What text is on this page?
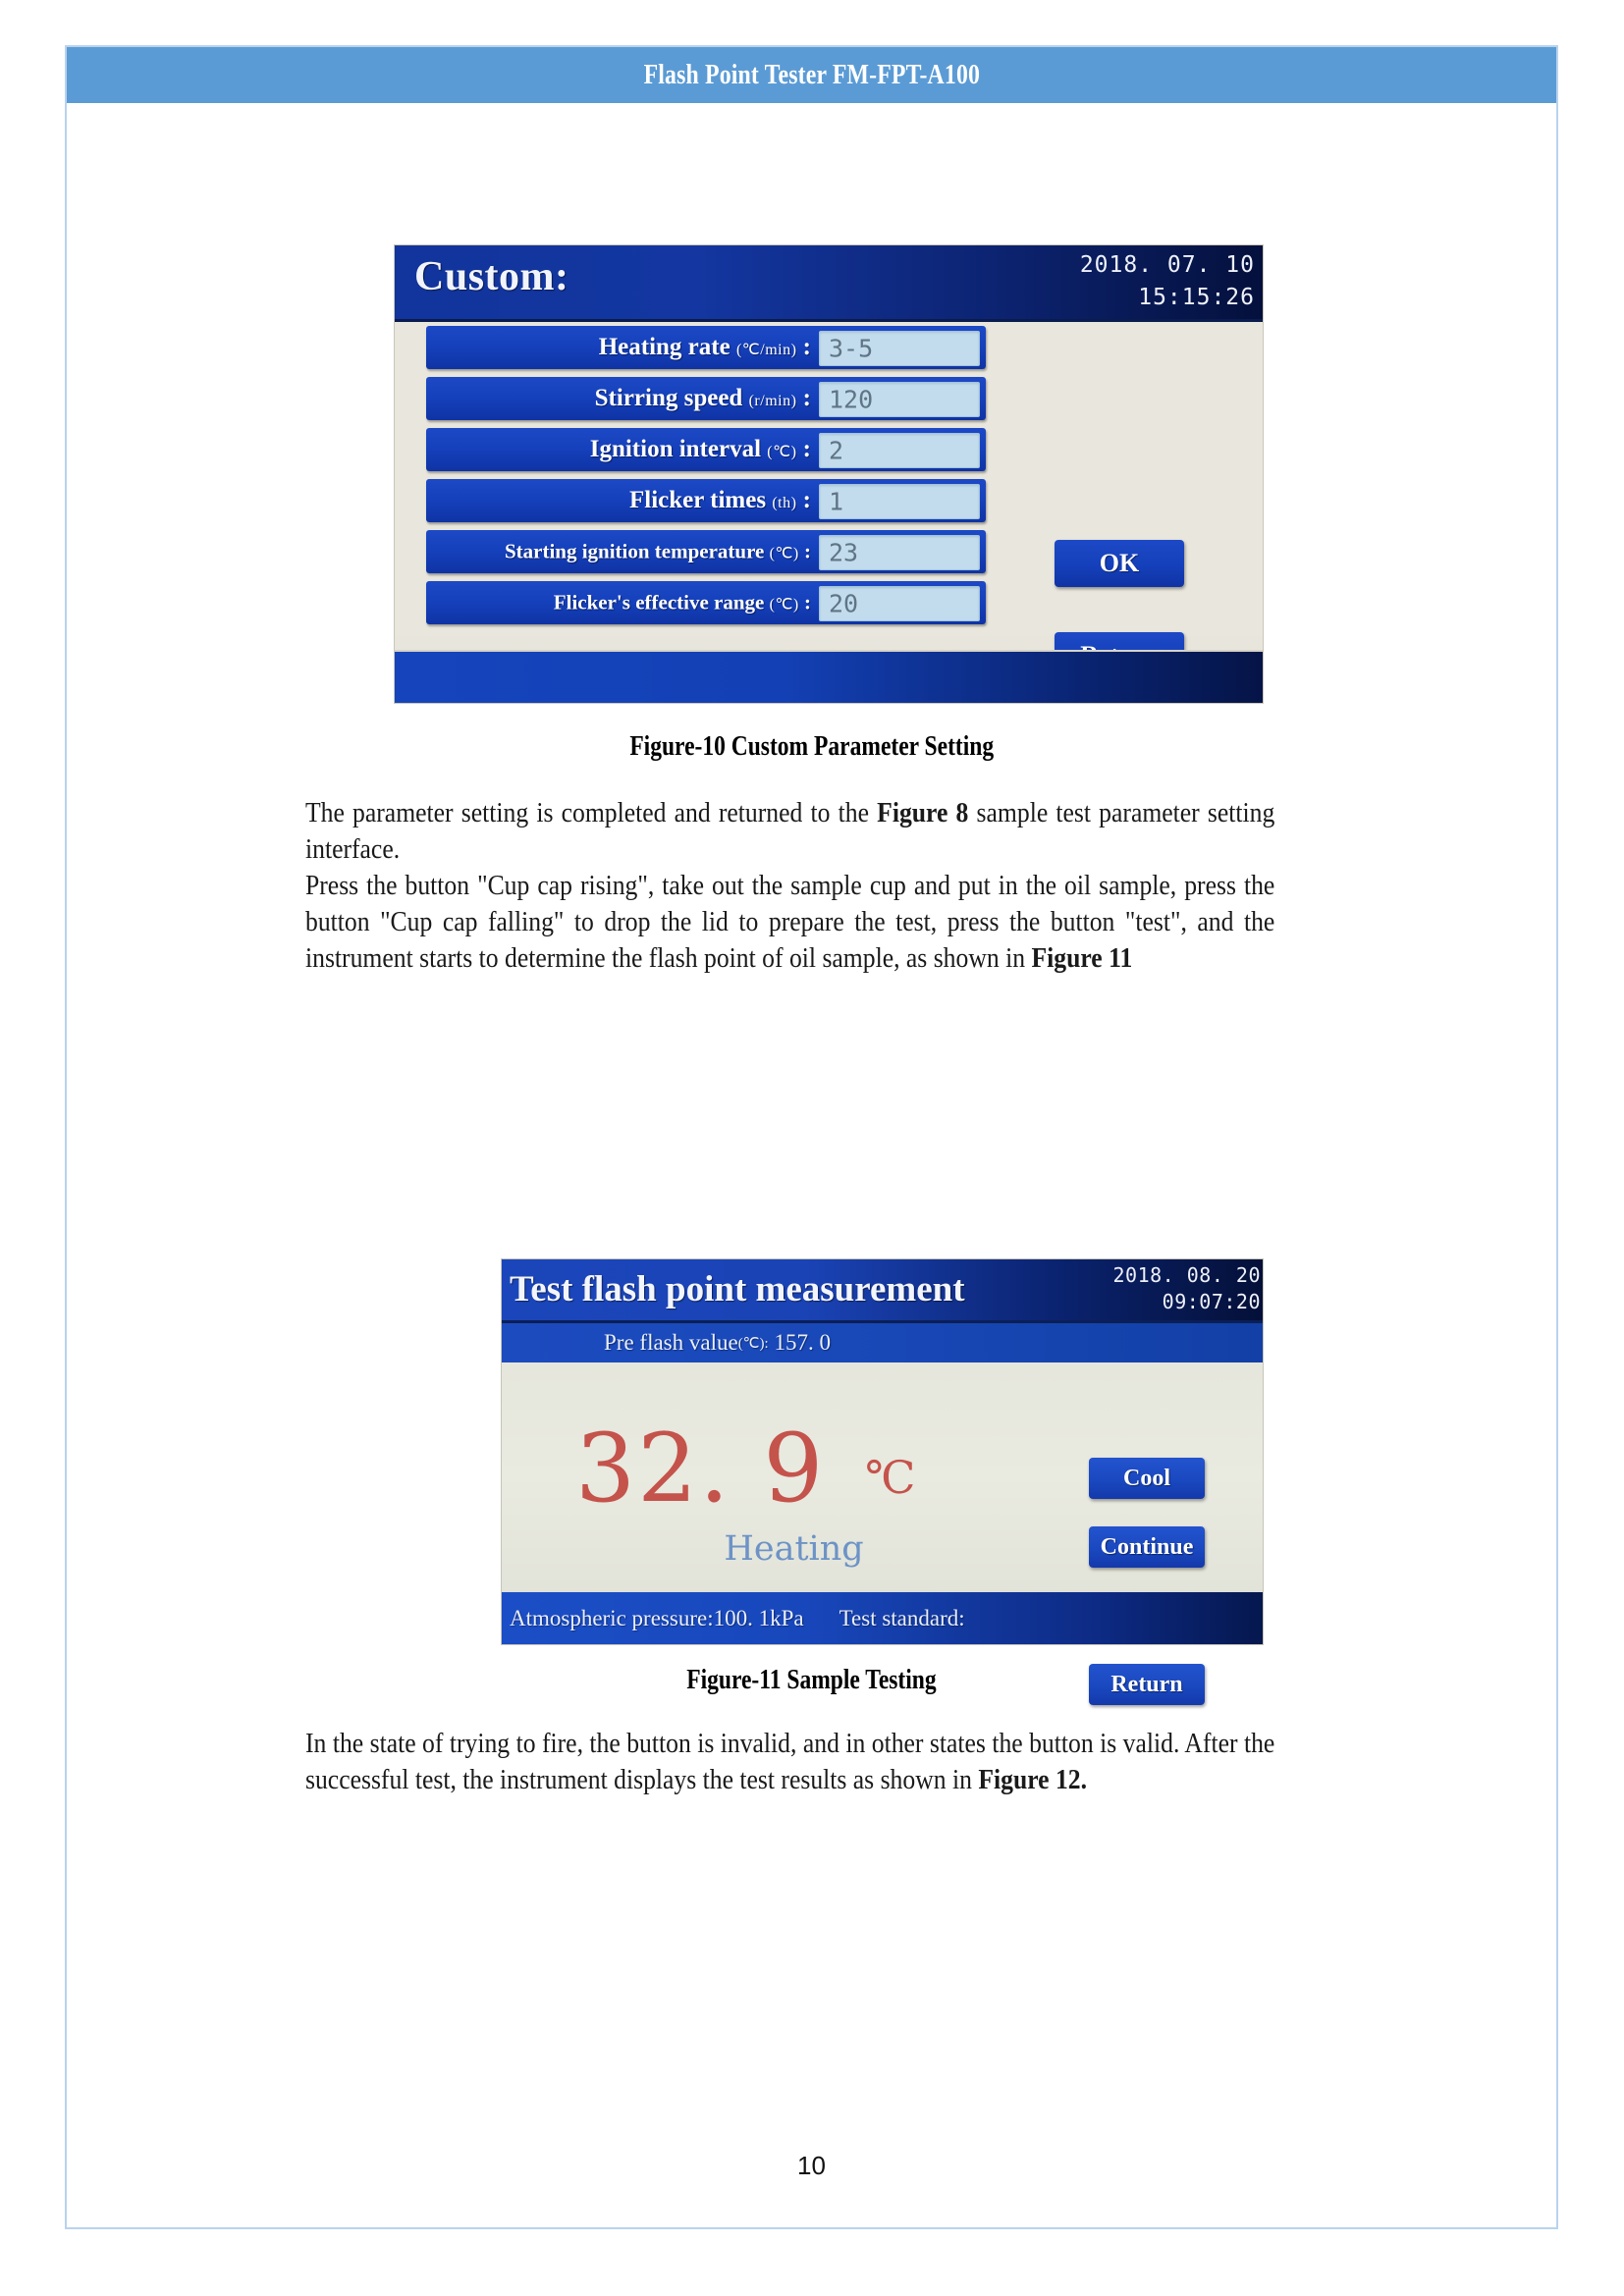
Flash Point Tester FM-FPT-A100
Custom:	2018. 07. 10
15:15:26
Heating rate (℃/min) : 3-5
Stirring speed (r/min) : 120
Ignition interval (℃) : 2
Flicker times (th) : 1
Starting ignition temperature (℃) : 23
Flicker's effective range (℃) : 20
OK
Figure-10 Custom Parameter Setting
The parameter setting is completed and returned to the Figure 8 sample test parameter setting interface.
Press the button "Cup cap rising", take out the sample cup and put in the oil sample, press the button "Cup cap falling" to drop the lid to prepare the test, press the button "test", and the instrument starts to determine the flash point of oil sample, as shown in Figure 11
Test flash point measurement	2018. 08. 20
09:07:20
Pre flash value (℃):
157. 0
32. 9 ℃
Heating
Cool
Continue
Return
Atmospheric pressure: 100. 1kPa Test standard:
Figure-11 Sample Testing
In the state of trying to fire, the button is invalid, and in other states the button is valid. After the successful test, the instrument displays the test results as shown in Figure 12.
10
